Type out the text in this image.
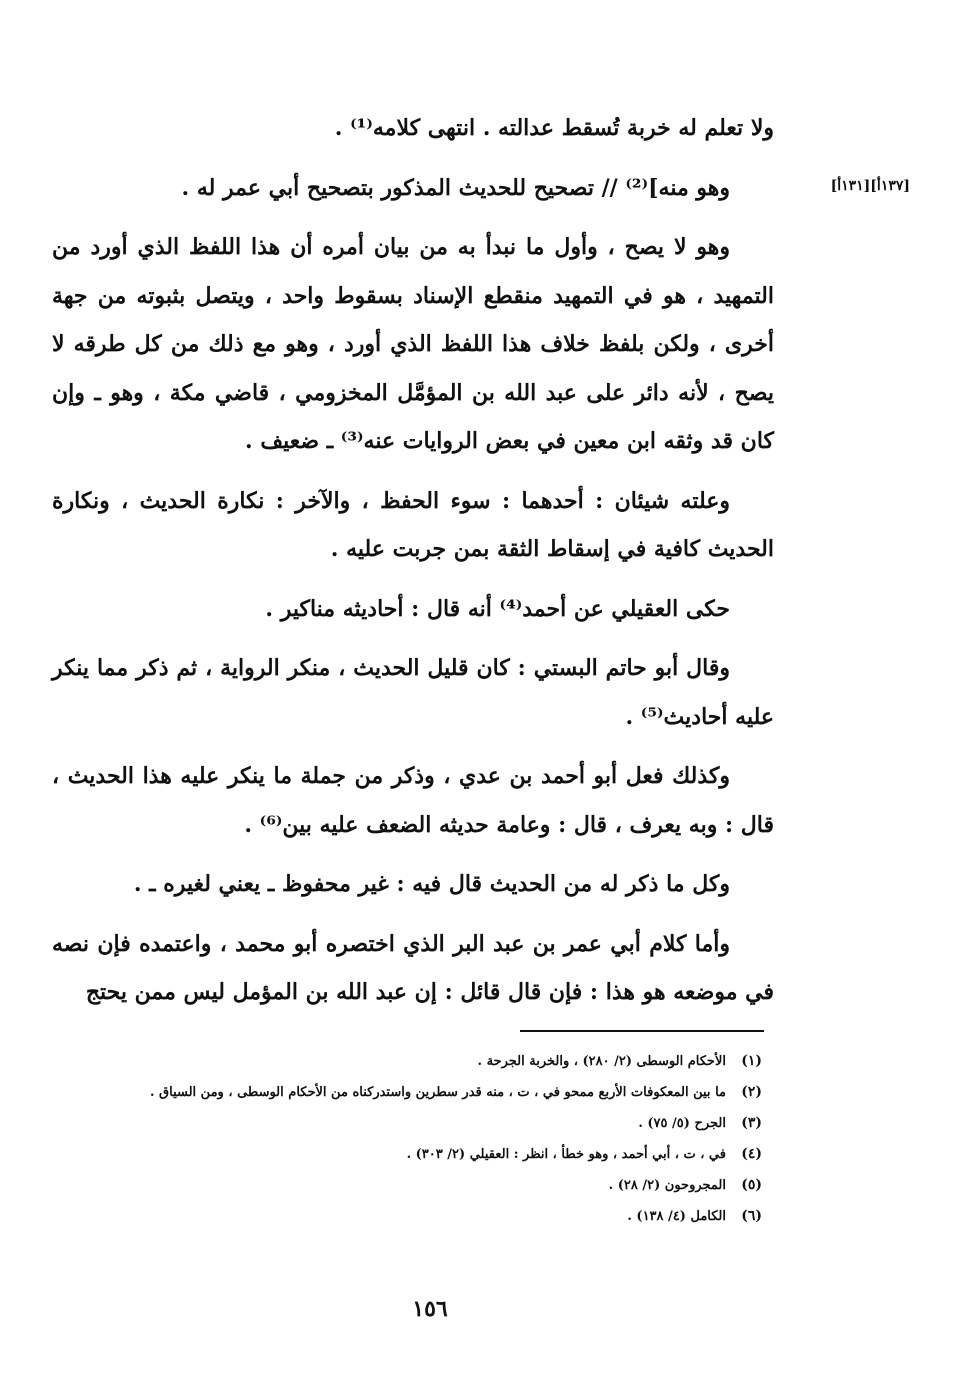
[١٣٧أ][١٣١أ]

ولا تعلم له خربة تُسقط عدالته . انتهى كلامه⁽¹⁾ .

وهو منه]⁽²⁾ // تصحيح للحديث المذكور بتصحيح أبي عمر له .

وهو لا يصح ، وأول ما نبدأ به من بيان أمره أن هذا اللفظ الذي أورد من التمهيد ، هو في التمهيد منقطع الإسناد بسقوط واحد ، ويتصل بثبوته من جهة أخرى ، ولكن بلفظ خلاف هذا اللفظ الذي أورد ، وهو مع ذلك من كل طرقه لا يصح ، لأنه دائر على عبد الله بن المؤمَّل المخزومي ، قاضي مكة ، وهو ـ وإن كان قد وثقه ابن معين في بعض الروايات عنه⁽³⁾ ـ ضعيف .

وعلته شيئان : أحدهما : سوء الحفظ ، والآخر : نكارة الحديث ، ونكارة الحديث كافية في إسقاط الثقة بمن جربت عليه .

حكى العقيلي عن أحمد⁽⁴⁾ أنه قال : أحاديثه مناكير .

وقال أبو حاتم البستي : كان قليل الحديث ، منكر الرواية ، ثم ذكر مما ينكر عليه أحاديث⁽⁵⁾ .

وكذلك فعل أبو أحمد بن عدي ، وذكر من جملة ما ينكر عليه هذا الحديث ، قال : وبه يعرف ، قال : وعامة حديثه الضعف عليه بين⁽⁶⁾ .

وكل ما ذكر له من الحديث قال فيه : غير محفوظ ـ يعني لغيره ـ .

وأما كلام أبي عمر بن عبد البر الذي اختصره أبو محمد ، واعتمده فإن نصه في موضعه هو هذا : فإن قال قائل : إن عبد الله بن المؤمل ليس ممن يحتج

(١)
الأحكام الوسطى (٢/ ٢٨٠) ، والخربة الجرحة .
(٢)
ما بين المعكوفات الأربع ممحو في ، ت ، منه قدر سطرين واستدركناه من الأحكام الوسطى ، ومن السياق .
(٣)
الجرح (٥/ ٧٥) .
(٤)
في ، ت ، أبي أحمد ، وهو خطأ ، انظر : العقيلي (٢/ ٣٠٣) .
(٥)
المجروحون (٢/ ٢٨) .
(٦)
الكامل (٤/ ١٣٨) .
١٥٦
